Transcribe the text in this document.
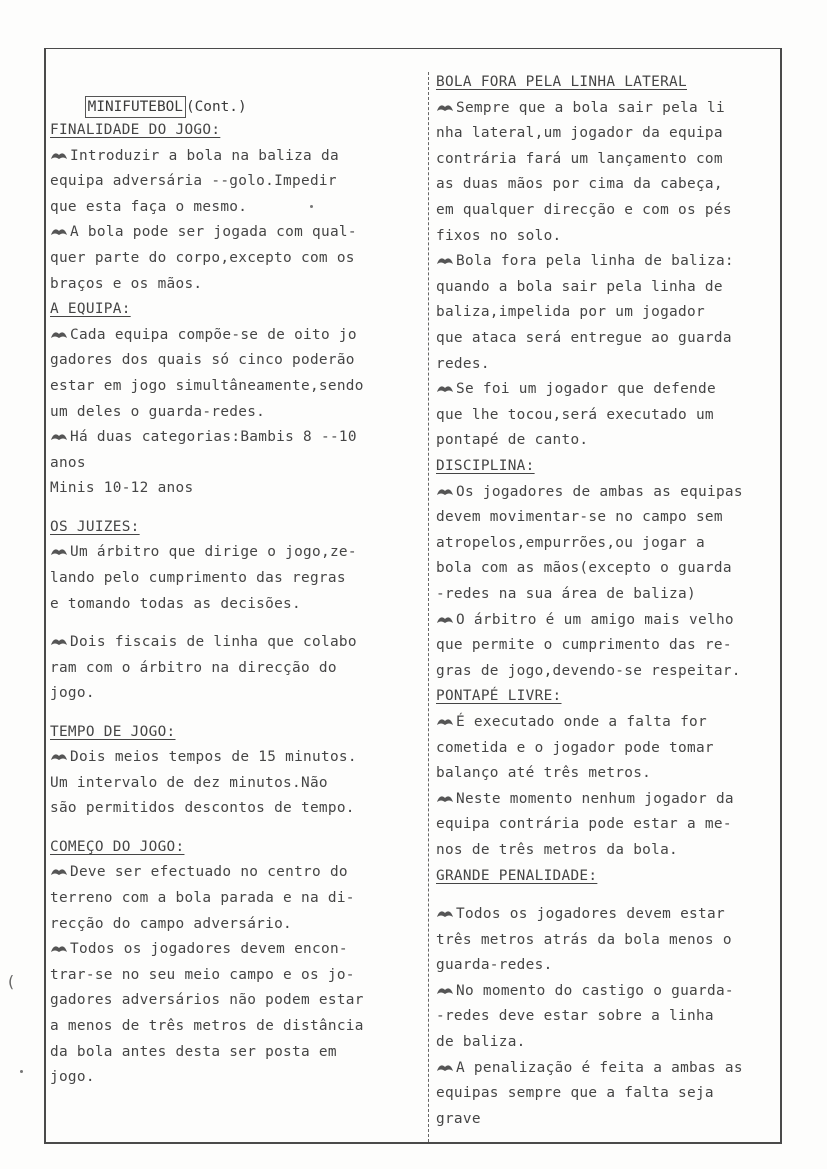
MINIFUTEBOL (Cont.)

FINALIDADE DO JOGO:
Introduzir a bola na baliza da
equipa adversária --golo.Impedir
que esta faça o mesmo.
A bola pode ser jogada com qual-
quer parte do corpo,excepto com os
braços e os mãos.
A EQUIPA:
Cada equipa compõe-se de oito jo
gadores dos quais só cinco poderão
estar em jogo simultâneamente,sendo
um deles o guarda-redes.
Há duas categorias:Bambis 8 --10
anos
Minis 10-12 anos
OS JUIZES:
Um árbitro que dirige o jogo,ze-
lando pelo cumprimento das regras
e tomando todas as decisões.
Dois fiscais de linha que colabo
ram com o árbitro na direcção do
jogo.
TEMPO DE JOGO:
Dois meios tempos de 15 minutos.
Um intervalo de dez minutos.Não
são permitidos descontos de tempo.
COMEÇO DO JOGO:
Deve ser efectuado no centro do
terreno com a bola parada e na di-
recção do campo adversário.
Todos os jogadores devem encon-
trar-se no seu meio campo e os jo-
gadores adversários não podem estar
a menos de três metros de distância
da bola antes desta ser posta em
jogo.
BOLA FORA PELA LINHA LATERAL
Sempre que a bola sair pela li
nha lateral,um jogador da equipa
contrária fará um lançamento com
as duas mãos por cima da cabeça,
em qualquer direcção e com os pés
fixos no solo.
Bola fora pela linha de baliza:
quando a bola sair pela linha de
baliza,impelida por um jogador
que ataca será entregue ao guarda
redes.
Se foi um jogador que defende
que lhe tocou,será executado um
pontapé de canto.
DISCIPLINA:
Os jogadores de ambas as equipas
devem movimentar-se no campo sem
atropelos,empurrões,ou jogar a
bola com as mãos(excepto o guarda
-redes na sua área de baliza)
O árbitro é um amigo mais velho
que permite o cumprimento das re-
gras de jogo,devendo-se respeitar.
PONTAPÉ LIVRE:
É executado onde a falta for
cometida e o jogador pode tomar
balanço até três metros.
Neste momento nenhum jogador da
equipa contrária pode estar a me-
nos de três metros da bola.
GRANDE PENALIDADE:
Todos os jogadores devem estar
três metros atrás da bola menos o
guarda-redes.
No momento do castigo o guarda-
-redes deve estar sobre a linha
de baliza.
A penalização é feita a ambas as
equipas sempre que a falta seja
grave
(
